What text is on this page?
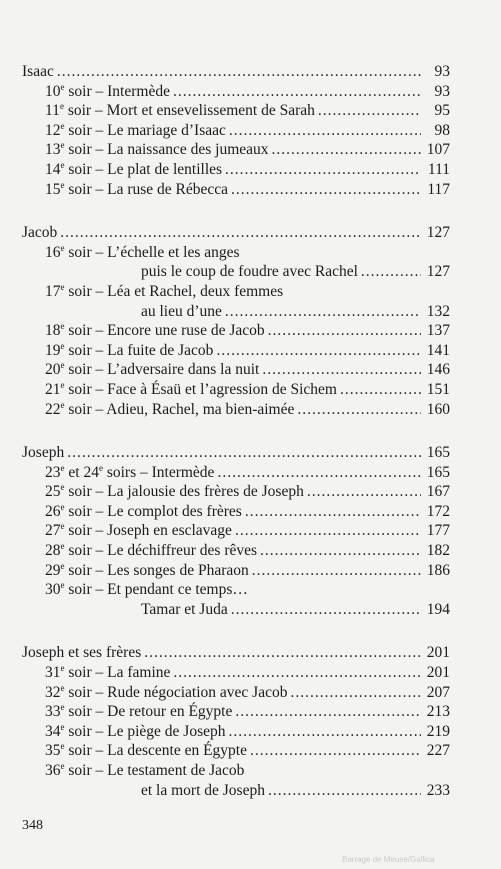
Isaac .....	93
10e soir – Intermède .....	93
11e soir – Mort et ensevelissement de Sarah .....	95
12e soir – Le mariage d’Isaac .....	98
13e soir – La naissance des jumeaux .....	107
14e soir – Le plat de lentilles .....	111
15e soir – La ruse de Rébecca .....	117
Jacob .....	127
16e soir – L’échelle et les anges
puis le coup de foudre avec Rachel .....	127
17e soir – Léa et Rachel, deux femmes
au lieu d’une .....	132
18e soir – Encore une ruse de Jacob .....	137
19e soir – La fuite de Jacob .....	141
20e soir – L’adversaire dans la nuit .....	146
21e soir – Face à Ésaü et l’agression de Sichem .....	151
22e soir – Adieu, Rachel, ma bien-aimée .....	160
Joseph .....	165
23e et 24e soirs – Intermède .....	165
25e soir – La jalousie des frères de Joseph .....	167
26e soir – Le complot des frères .....	172
27e soir – Joseph en esclavage .....	177
28e soir – Le déchiffreur des rêves .....	182
29e soir – Les songes de Pharaon .....	186
30e soir – Et pendant ce temps…
Tamar et Juda .....	194
Joseph et ses frères .....	201
31e soir – La famine .....	201
32e soir – Rude négociation avec Jacob .....	207
33e soir – De retour en Égypte .....	213
34e soir – Le piège de Joseph .....	219
35e soir – La descente en Égypte .....	227
36e soir – Le testament de Jacob
et la mort de Joseph .....	233
348
Barrage de Meuse/Gallica
